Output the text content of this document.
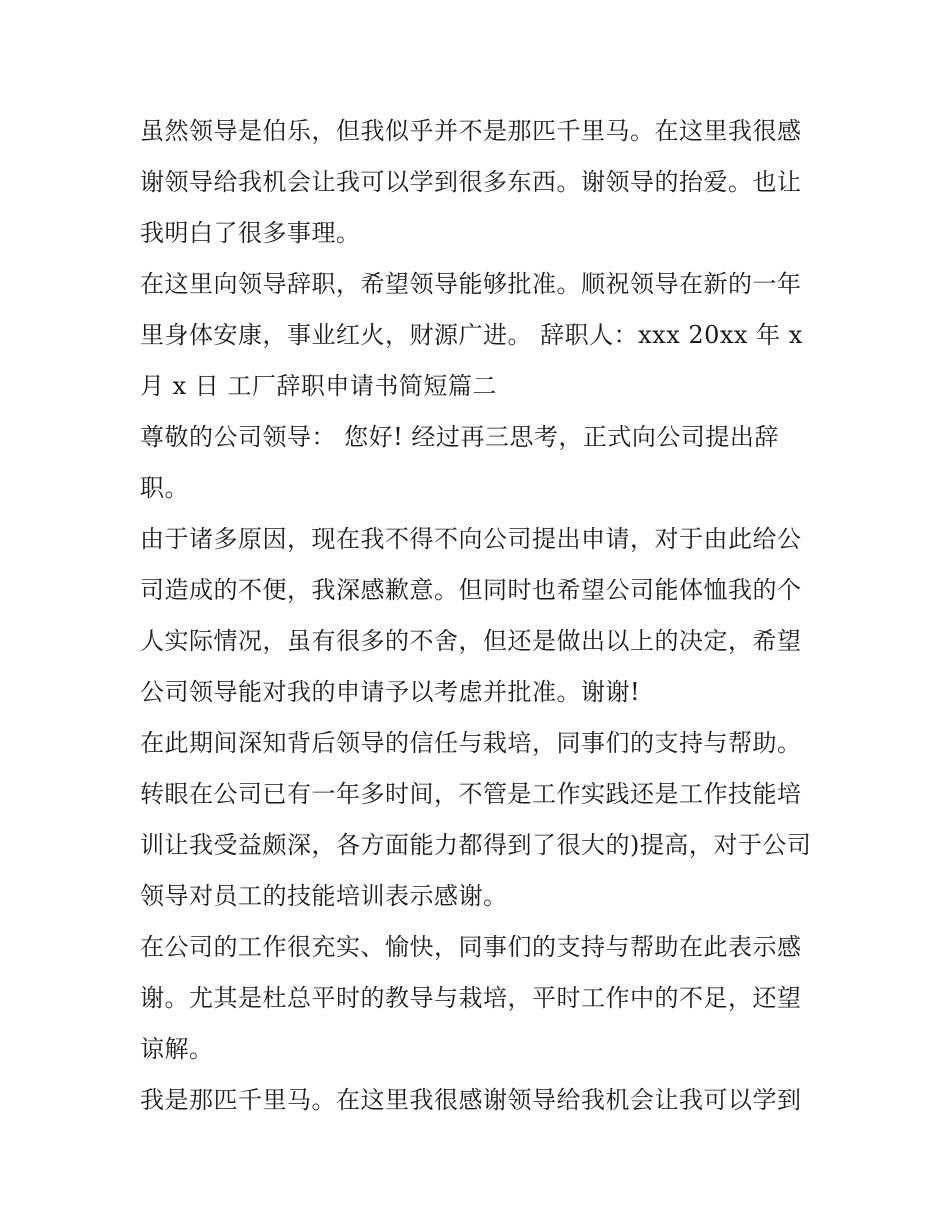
虽然领导是伯乐，但我似乎并不是那匹千里马。在这里我很感谢领导给我机会让我可以学到很多东西。谢领导的抬爱。也让我明白了很多事理。

在这里向领导辞职，希望领导能够批准。顺祝领导在新的一年里身体安康，事业红火，财源广进。 辞职人：xxx 20xx 年 x 月 x 日 工厂辞职申请书简短篇二

尊敬的公司领导： 您好! 经过再三思考，正式向公司提出辞职。

由于诸多原因，现在我不得不向公司提出申请，对于由此给公司造成的不便，我深感歉意。但同时也希望公司能体恤我的个人实际情况，虽有很多的不舍，但还是做出以上的决定，希望公司领导能对我的申请予以考虑并批准。谢谢!

在此期间深知背后领导的信任与栽培，同事们的支持与帮助。转眼在公司已有一年多时间，不管是工作实践还是工作技能培训让我受益颇深，各方面能力都得到了很大的)提高，对于公司领导对员工的技能培训表示感谢。

在公司的工作很充实、愉快，同事们的支持与帮助在此表示感谢。尤其是杜总平时的教导与栽培，平时工作中的不足，还望谅解。

我是那匹千里马。在这里我很感谢领导给我机会让我可以学到
